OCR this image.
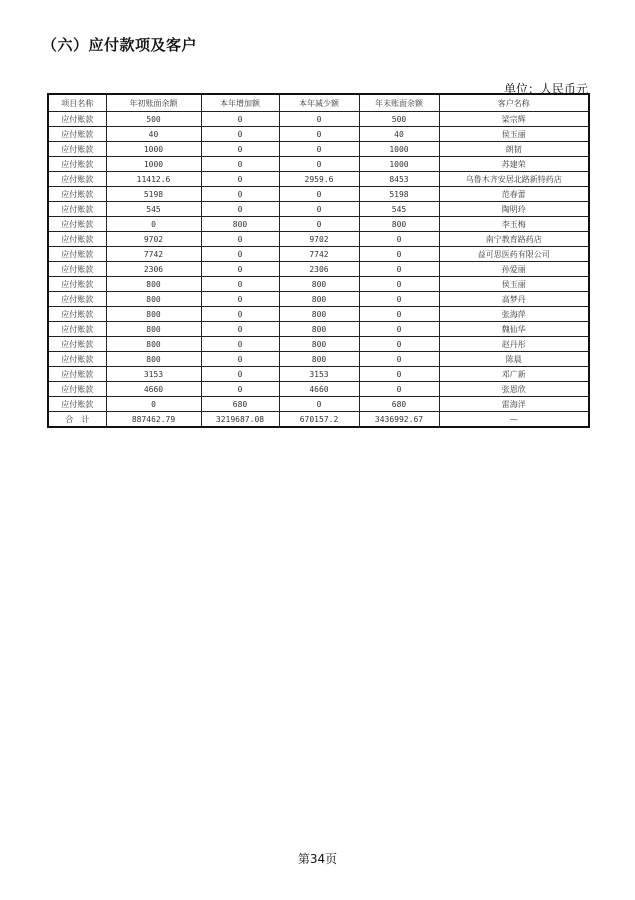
（六）应付款项及客户
单位：人民币元
项目名称	年初账面余额	本年增加额	本年减少额	年末账面余额	客户名称
应付账款	500	0	0	500	梁宗辉
应付账款	40	0	0	40	侯玉丽
应付账款	1000	0	0	1000	朗韧
应付账款	1000	0	0	1000	苏建荣
应付账款	11412.6	0	2959.6	8453	乌鲁木齐安居北路新特药店
应付账款	5198	0	0	5198	范春蕾
应付账款	545	0	0	545	陶明玲
应付账款	0	800	0	800	李玉梅
应付账款	9702	0	9702	0	南宁教育路药店
应付账款	7742	0	7742	0	益可思医药有限公司
应付账款	2306	0	2306	0	孙爱丽
应付账款	800	0	800	0	侯玉丽
应付账款	800	0	800	0	高梦丹
应付账款	800	0	800	0	张海萍
应付账款	800	0	800	0	魏仙华
应付账款	800	0	800	0	赵丹彤
应付账款	800	0	800	0	陈晨
应付账款	3153	0	3153	0	邓广新
应付账款	4660	0	4660	0	张恩欣
应付账款	0	680	0	680	雷海洋
合　计	887462.79	3219687.08	670157.2	3436992.67	—
第34页
